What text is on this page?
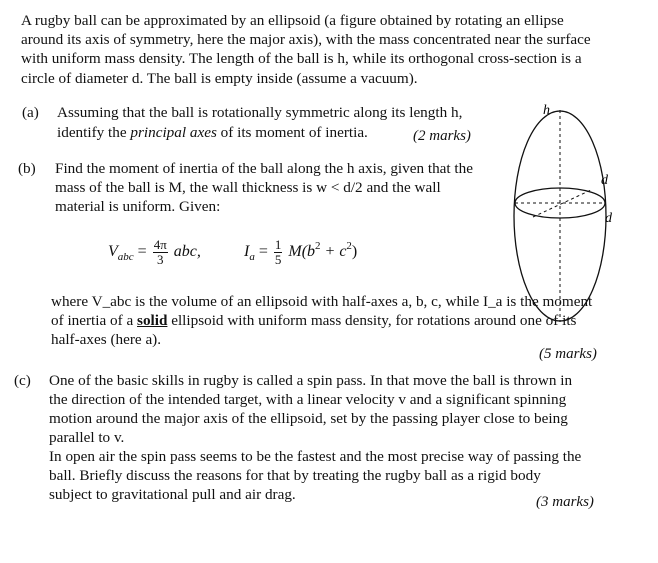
A rugby ball can be approximated by an ellipsoid (a figure obtained by rotating an ellipse
around its axis of symmetry, here the major axis), with the mass concentrated near the surface
with uniform mass density. The length of the ball is h, while its orthogonal cross-section is a
circle of diameter d. The ball is empty inside (assume a vacuum).
(a) Assuming that the ball is rotationally symmetric along its length h,
identify the principal axes of its moment of inertia.	(2 marks)
(b) Find the moment of inertia of the ball along the h axis, given that the
mass of the ball is M, the wall thickness is w < d/2 and the wall
material is uniform. Given:
$V_{abc} = \frac{4\pi}{3}$ abc,	$I_a = \frac{1}{5} M(b^2 + c^2)$
where V_abc is the volume of an ellipsoid with half-axes a, b, c, while I_a is the moment
of inertia of a solid ellipsoid with uniform mass density, for rotations around one of its
half-axes (here a).
(5 marks)
(c) One of the basic skills in rugby is called a spin pass. In that move the ball is thrown in
the direction of the intended target, with a linear velocity v and a significant spinning
motion around the major axis of the ellipsoid, set by the passing player close to being
parallel to v.
In open air the spin pass seems to be the fastest and the most precise way of passing the
ball. Briefly discuss the reasons for that by treating the rugby ball as a rigid body
subject to gravitational pull and air drag.	(3 marks)
h
d
d
